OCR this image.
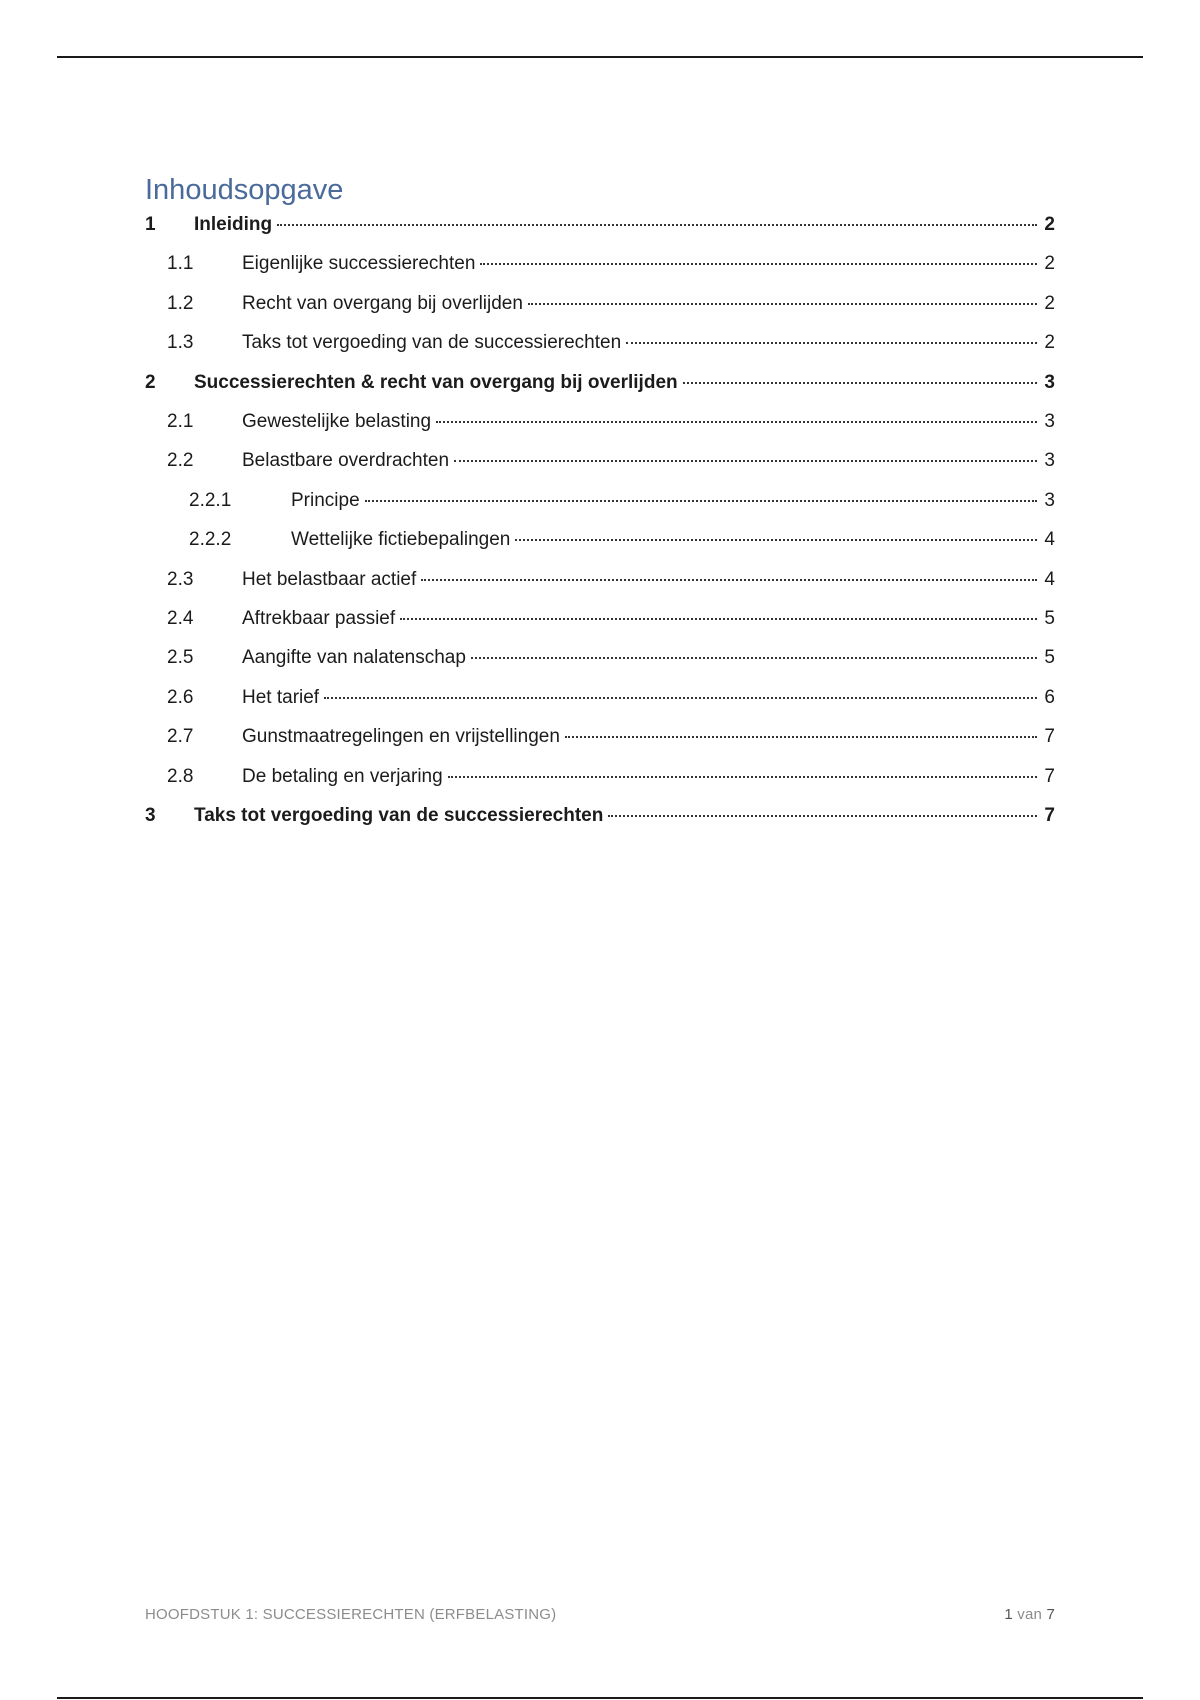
Inhoudsopgave
1	Inleiding	2
1.1	Eigenlijke successierechten	2
1.2	Recht van overgang bij overlijden	2
1.3	Taks tot vergoeding van de successierechten	2
2	Successierechten & recht van overgang bij overlijden	3
2.1	Gewestelijke belasting	3
2.2	Belastbare overdrachten	3
2.2.1	Principe	3
2.2.2	Wettelijke fictiebepalingen	4
2.3	Het belastbaar actief	4
2.4	Aftrekbaar passief	5
2.5	Aangifte van nalatenschap	5
2.6	Het tarief	6
2.7	Gunstmaatregelingen en vrijstellingen	7
2.8	De betaling en verjaring	7
3	Taks tot vergoeding van de successierechten	7
HOOFDSTUK 1: SUCCESSIERECHTEN (ERFBELASTING)	1 van 7
